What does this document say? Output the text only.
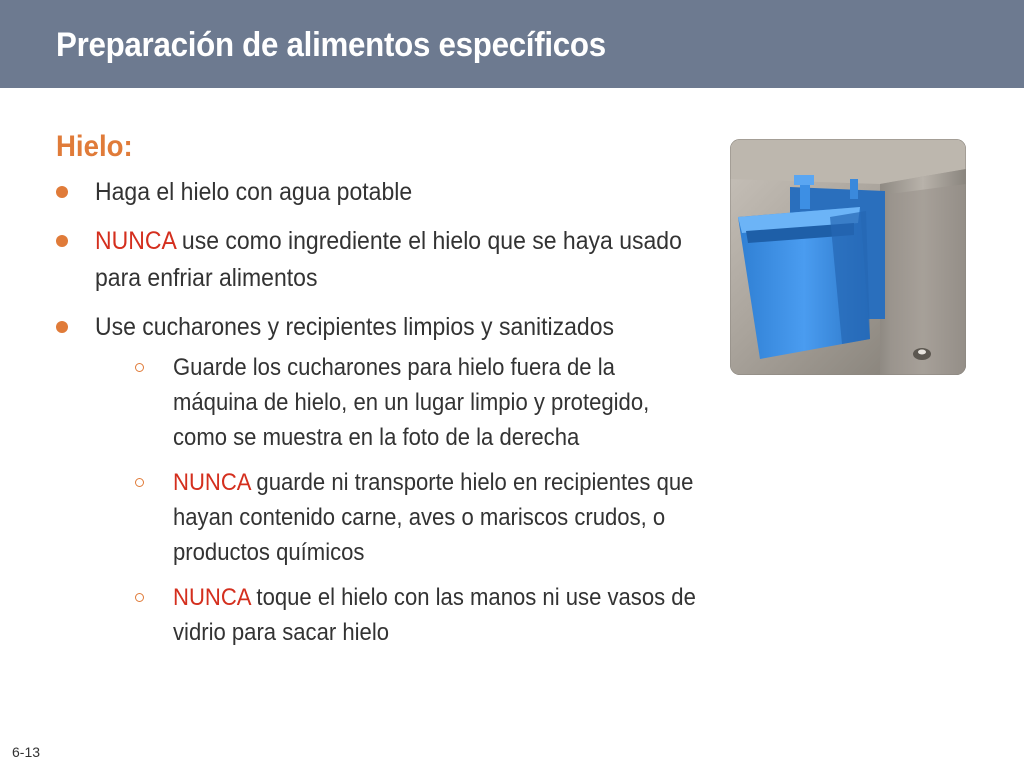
Preparación de alimentos específicos
Hielo:
Haga el hielo con agua potable
NUNCA use como ingrediente el hielo que se haya usado para enfriar alimentos
Use cucharones y recipientes limpios y sanitizados
Guarde los cucharones para hielo fuera de la máquina de hielo, en un lugar limpio y protegido, como se muestra en la foto de la derecha
NUNCA guarde ni transporte hielo en recipientes que hayan contenido carne, aves o mariscos crudos, o productos químicos
NUNCA toque el hielo con las manos ni use vasos de vidrio para sacar hielo
6-13
